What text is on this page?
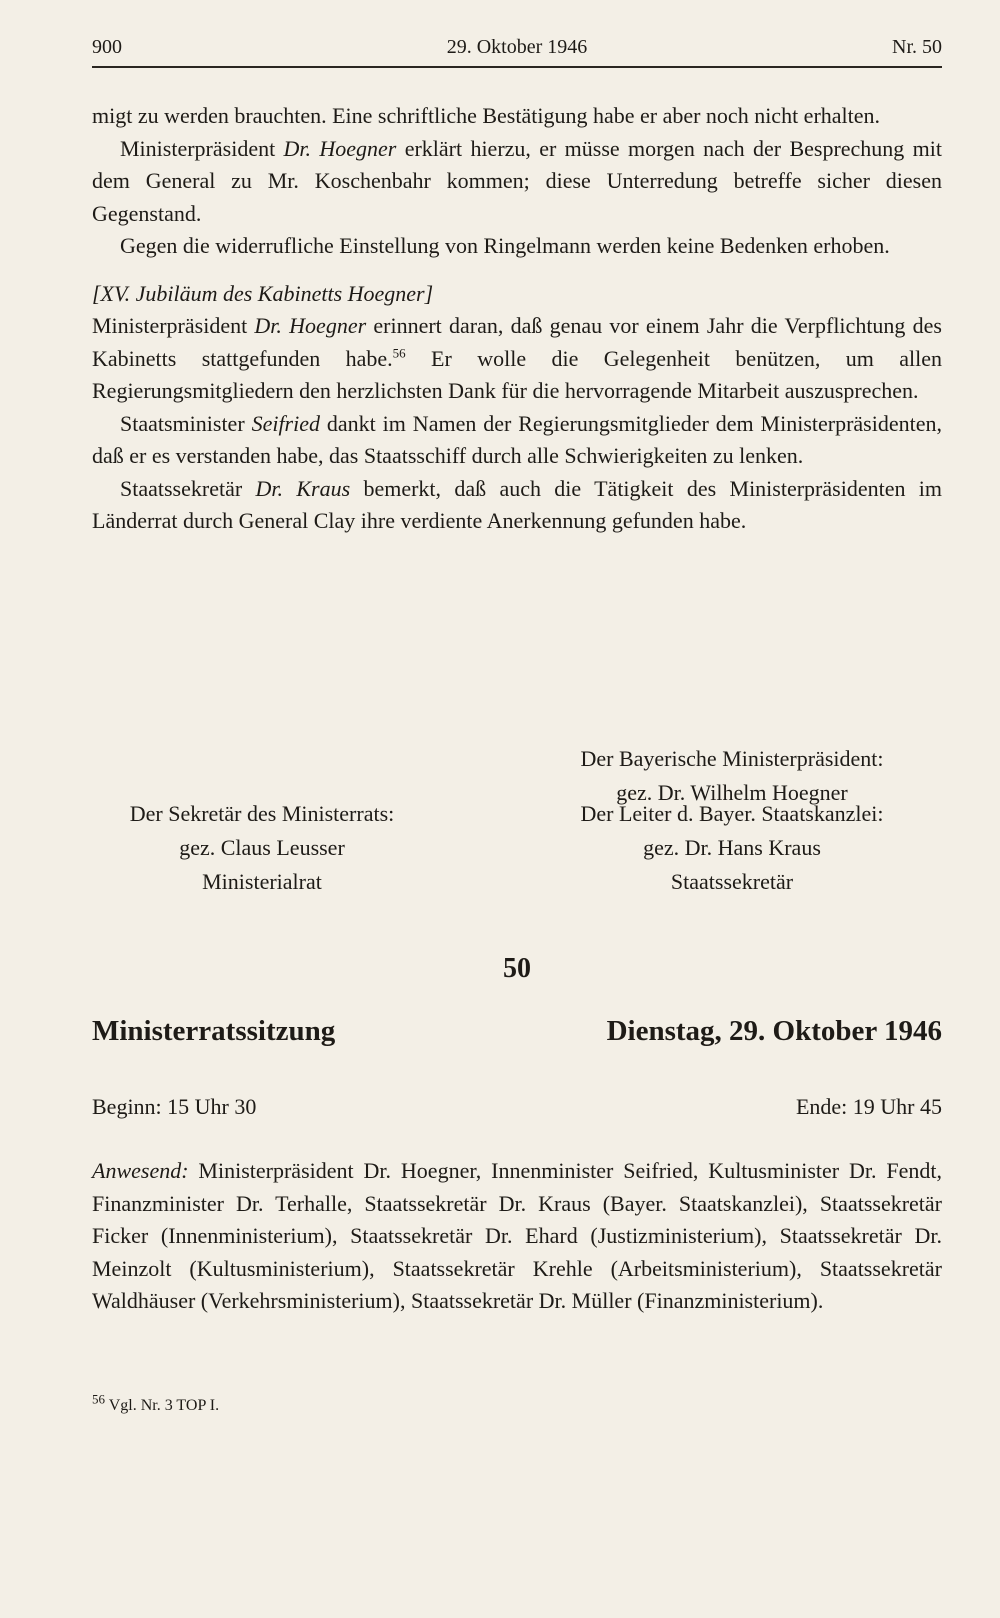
900	29. Oktober 1946	Nr. 50

migt zu werden brauchten. Eine schriftliche Bestätigung habe er aber noch nicht erhalten.

Ministerpräsident Dr. Hoegner erklärt hierzu, er müsse morgen nach der Besprechung mit dem General zu Mr. Koschenbahr kommen; diese Unterredung betreffe sicher diesen Gegenstand.

Gegen die widerrufliche Einstellung von Ringelmann werden keine Bedenken erhoben.

[XV. Jubiläum des Kabinetts Hoegner]

Ministerpräsident Dr. Hoegner erinnert daran, daß genau vor einem Jahr die Verpflichtung des Kabinetts stattgefunden habe.$^{56}$ Er wolle die Gelegenheit benützen, um allen Regierungsmitgliedern den herzlichsten Dank für die hervorragende Mitarbeit auszusprechen.

Staatsminister Seifried dankt im Namen der Regierungsmitglieder dem Ministerpräsidenten, daß er es verstanden habe, das Staatsschiff durch alle Schwierigkeiten zu lenken.

Staatssekretär Dr. Kraus bemerkt, daß auch die Tätigkeit des Ministerpräsidenten im Länderrat durch General Clay ihre verdiente Anerkennung gefunden habe.

Der Bayerische Ministerpräsident:
gez. Dr. Wilhelm Hoegner
Der Sekretär des Ministerrats:
gez. Claus Leusser
Ministerialrat
Der Leiter d. Bayer. Staatskanzlei:
gez. Dr. Hans Kraus
Staatssekretär
50
Ministerratssitzung	Dienstag, 29. Oktober 1946
Beginn: 15 Uhr 30	Ende: 19 Uhr 45

Anwesend: Ministerpräsident Dr. Hoegner, Innenminister Seifried, Kultusminister Dr. Fendt, Finanzminister Dr. Terhalle, Staatssekretär Dr. Kraus (Bayer. Staatskanzlei), Staatssekretär Ficker (Innenministerium), Staatssekretär Dr. Ehard (Justizministerium), Staatssekretär Dr. Meinzolt (Kultusministerium), Staatssekretär Krehle (Arbeitsministerium), Staatssekretär Waldhäuser (Verkehrsministerium), Staatssekretär Dr. Müller (Finanzministerium).

$^{56}$ Vgl. Nr. 3 TOP I.
